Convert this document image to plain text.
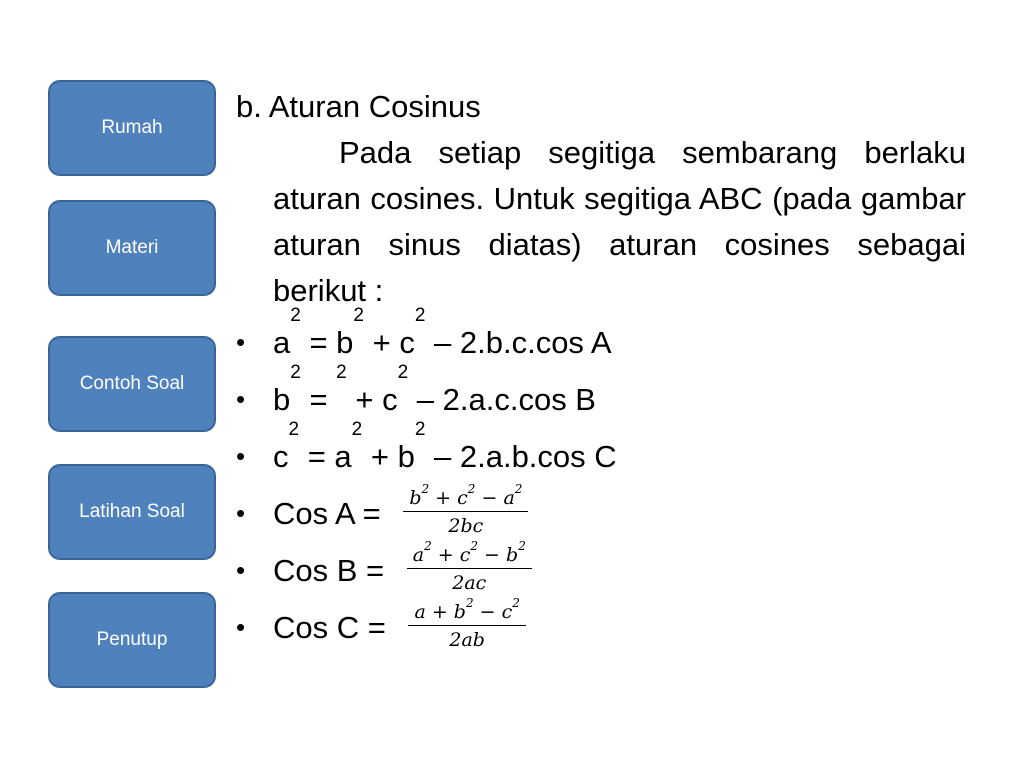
Rumah
Materi
Contoh Soal
Latihan Soal
Penutup

b. Aturan Cosinus

Pada setiap segitiga sembarang berlaku aturan cosines. Untuk segitiga ABC (pada gambar aturan sinus diatas) aturan cosines sebagai berikut :

• $a^2 = b^2 + c^2 - 2.b.c.\cos$ A
• $b^2 = ^2 + c^2 - 2.a.c.\cos$ B
• $c^2 = a^2 + b^2 - 2.a.b.\cos$ C
• Cos $A = \frac{b^2 + c^2 - a^2}{2bc}$
• Cos $B = \frac{a^2 + c^2 - b^2}{2ac}$
• Cos $C = \frac{a + b^2 - c^2}{2ab}$
